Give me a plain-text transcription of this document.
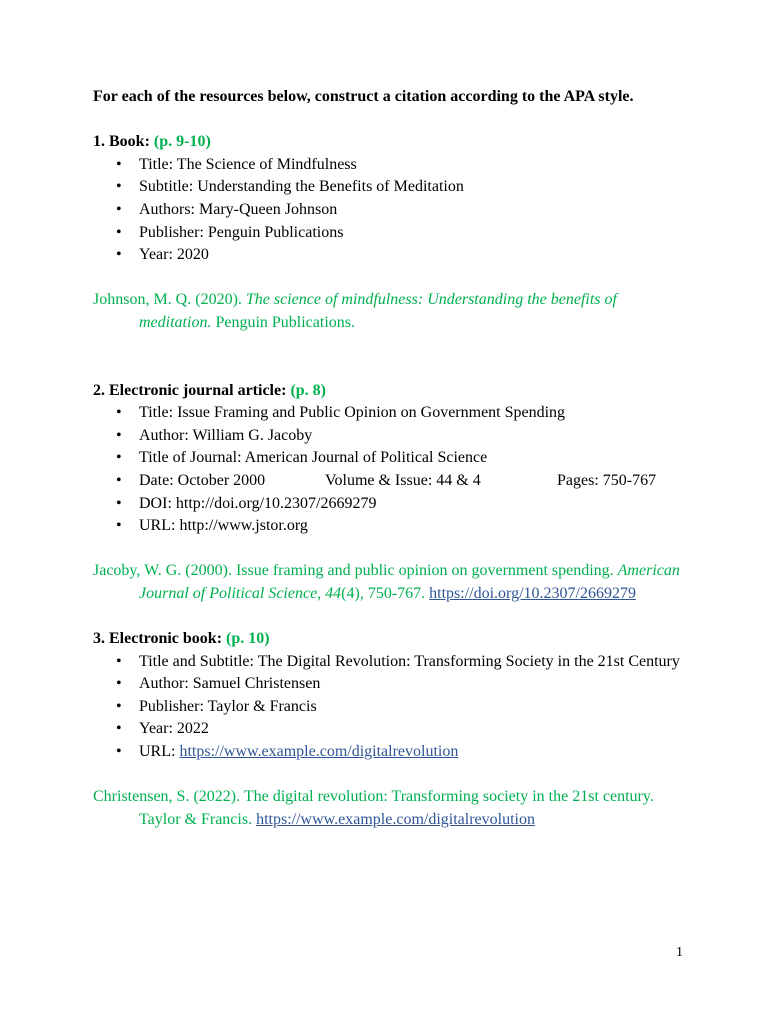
For each of the resources below, construct a citation according to the APA style.

1. Book: (p. 9-10)

• Title: The Science of Mindfulness
• Subtitle: Understanding the Benefits of Meditation
• Authors: Mary-Queen Johnson
• Publisher: Penguin Publications
• Year: 2020

Johnson, M. Q. (2020). The science of mindfulness: Understanding the benefits of meditation. Penguin Publications.

2. Electronic journal article: (p. 8)

• Title: Issue Framing and Public Opinion on Government Spending
• Author: William G. Jacoby
• Title of Journal: American Journal of Political Science
• Date: October 2000	Volume & Issue: 44 & 4	Pages: 750-767
• DOI: http://doi.org/10.2307/2669279
• URL: http://www.jstor.org

Jacoby, W. G. (2000). Issue framing and public opinion on government spending. American Journal of Political Science, 44(4), 750-767. https://doi.org/10.2307/2669279

3. Electronic book: (p. 10)

• Title and Subtitle: The Digital Revolution: Transforming Society in the 21st Century
• Author: Samuel Christensen
• Publisher: Taylor & Francis
• Year: 2022
• URL: https://www.example.com/digitalrevolution

Christensen, S. (2022). The digital revolution: Transforming society in the 21st century. Taylor & Francis. https://www.example.com/digitalrevolution

1
